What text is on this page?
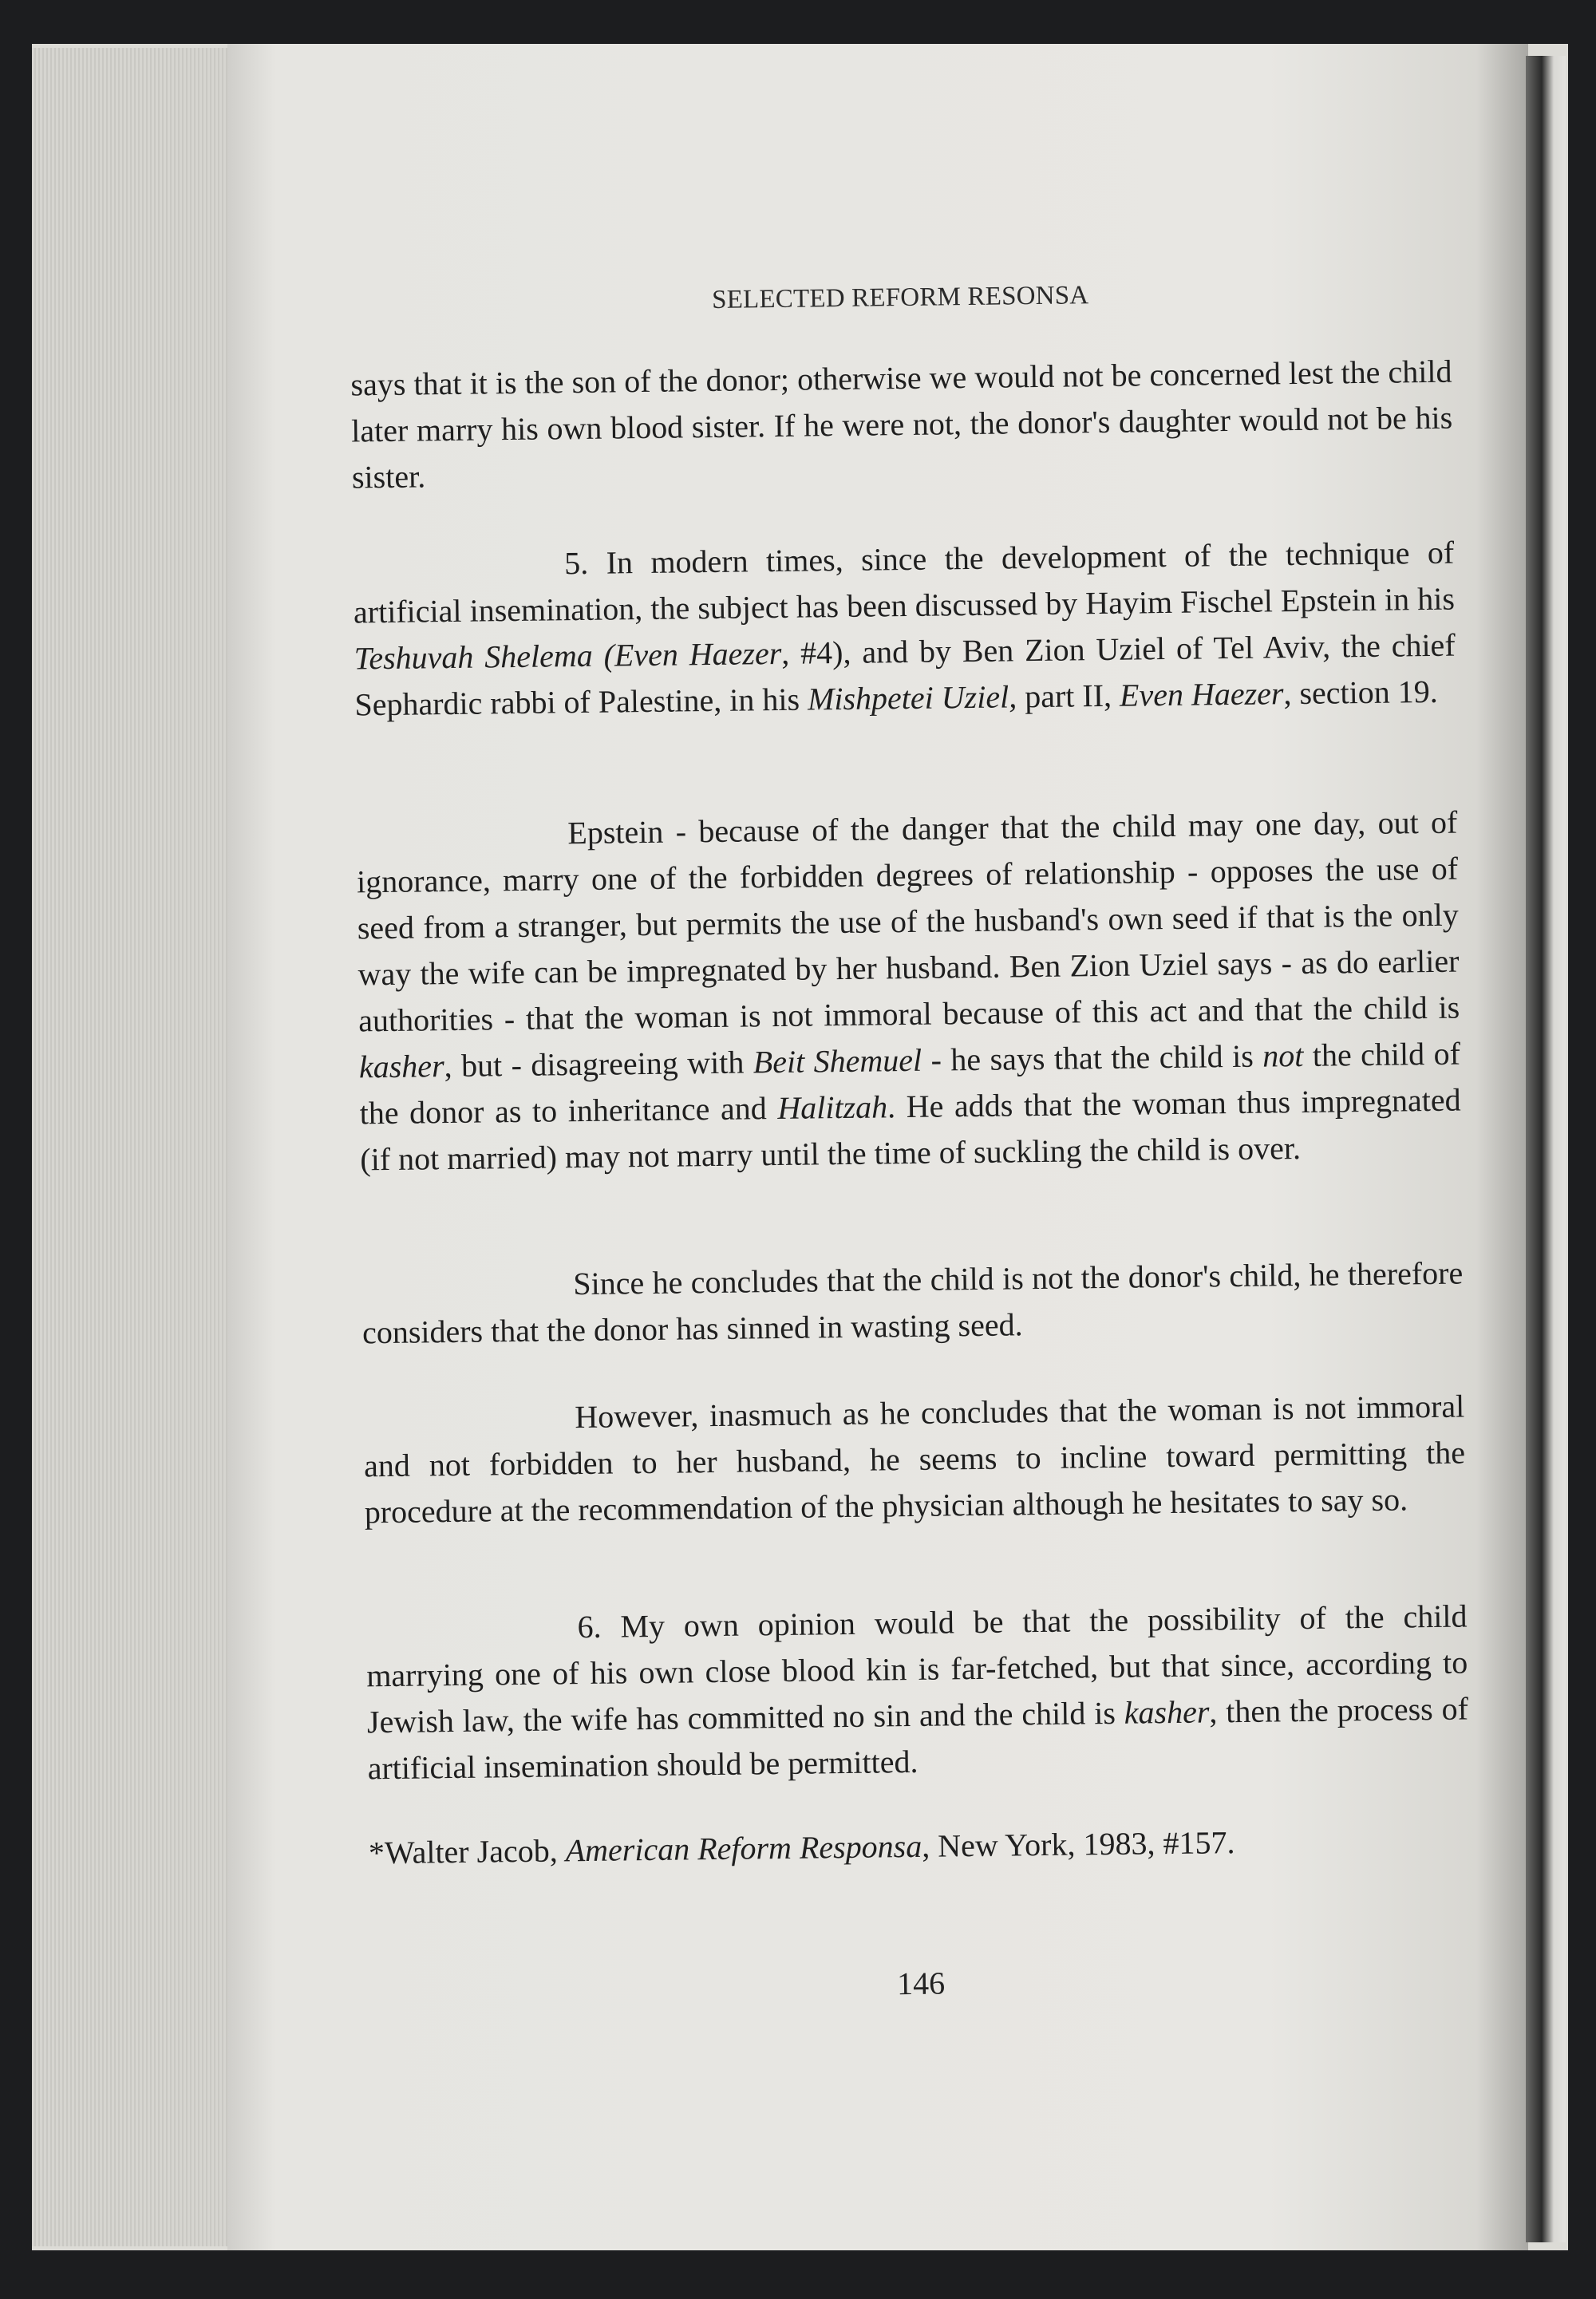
SELECTED REFORM RESONSA

says that it is the son of the donor; otherwise we would not be concerned lest the child later marry his own blood sister. If he were not, the donor's daughter would not be his sister.

5. In modern times, since the development of the technique of artificial insemination, the subject has been discussed by Hayim Fischel Epstein in his Teshuvah Shelema (Even Haezer, #4), and by Ben Zion Uziel of Tel Aviv, the chief Sephardic rabbi of Palestine, in his Mishpetei Uziel, part II, Even Haezer, section 19.

Epstein - because of the danger that the child may one day, out of ignorance, marry one of the forbidden degrees of relationship - opposes the use of seed from a stranger, but permits the use of the husband's own seed if that is the only way the wife can be impregnated by her husband. Ben Zion Uziel says - as do earlier authorities - that the woman is not immoral because of this act and that the child is kasher, but - disagreeing with Beit Shemuel - he says that the child is not the child of the donor as to inheritance and Halitzah. He adds that the woman thus impregnated (if not married) may not marry until the time of suckling the child is over.

Since he concludes that the child is not the donor's child, he therefore considers that the donor has sinned in wasting seed.

However, inasmuch as he concludes that the woman is not immoral and not forbidden to her husband, he seems to incline toward permitting the procedure at the recommendation of the physician although he hesitates to say so.

6. My own opinion would be that the possibility of the child marrying one of his own close blood kin is far-fetched, but that since, according to Jewish law, the wife has committed no sin and the child is kasher, then the process of artificial insemination should be permitted.

*Walter Jacob, American Reform Responsa, New York, 1983, #157.

146
